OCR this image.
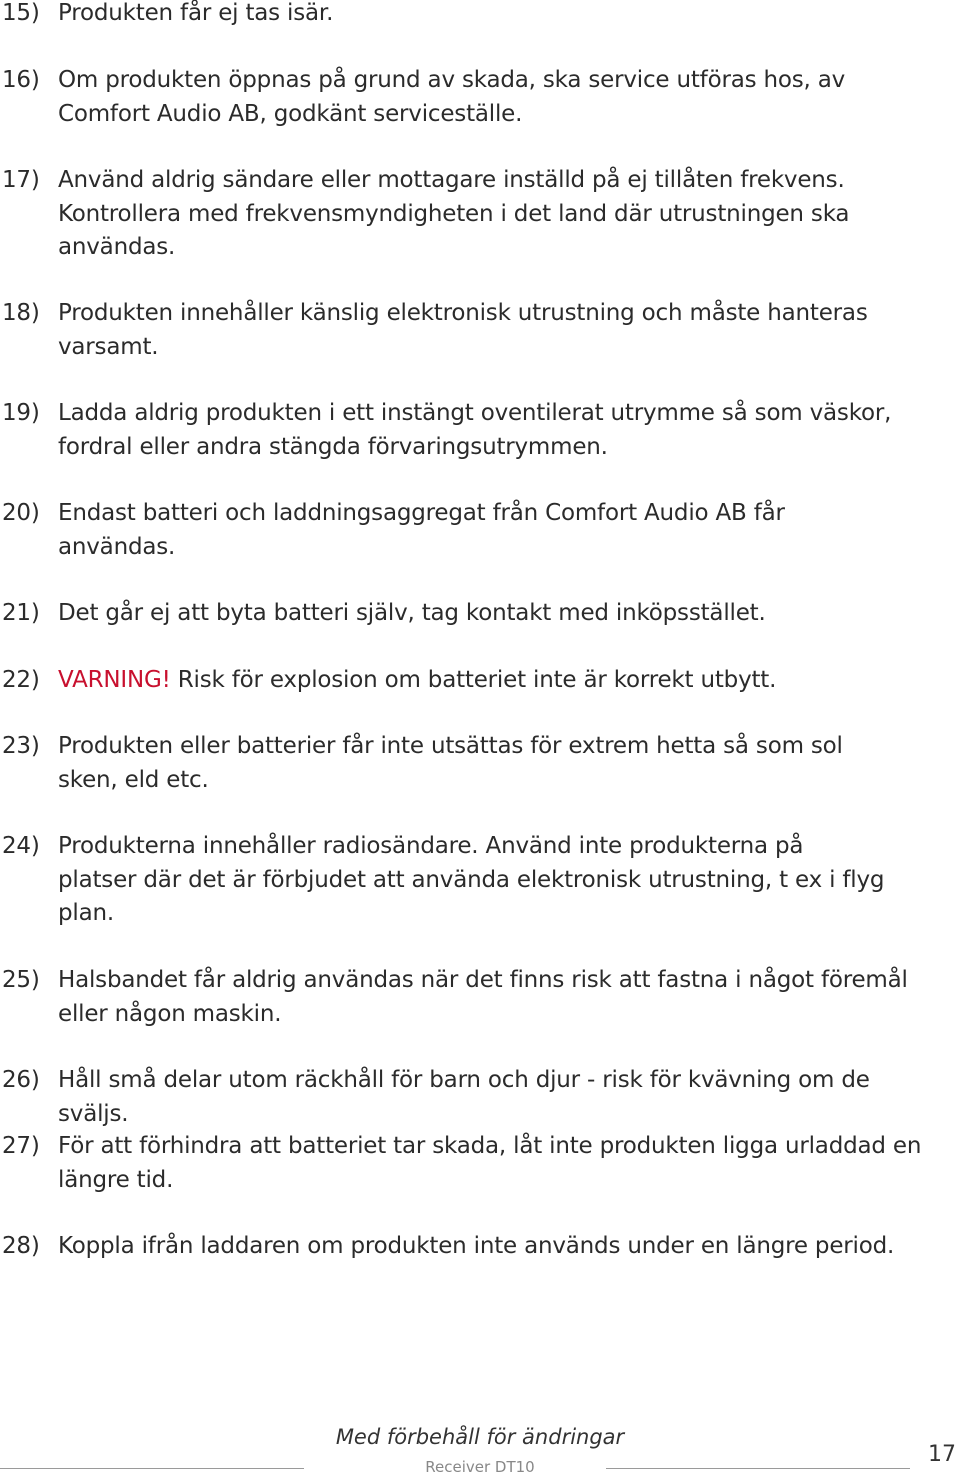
15) Produkten får ej tas isär.
16) Om produkten öppnas på grund av skada, ska service utföras hos, av
Comfort Audio AB, godkänt serviceställe.
17) Använd aldrig sändare eller mottagare inställd på ej tillåten frekvens.
Kontrollera med frekvensmyndigheten i det land där utrustningen ska
användas.
18) Produkten innehåller känslig elektronisk utrustning och måste hanteras
varsamt.
19) Ladda aldrig produkten i ett instängt oventilerat utrymme så som väskor,
fordral eller andra stängda förvaringsutrymmen.
20) Endast batteri och laddningsaggregat från Comfort Audio AB får
användas.
21) Det går ej att byta batteri själv, tag kontakt med inköpsstället.
22) VARNING! Risk för explosion om batteriet inte är korrekt utbytt.
23) Produkten eller batterier får inte utsättas för extrem hetta så som sol
sken, eld etc.
24) Produkterna innehåller radiosändare. Använd inte produkterna på
platser där det är förbjudet att använda elektronisk utrustning, t ex i flyg
plan.
25) Halsbandet får aldrig användas när det finns risk att fastna i något föremål
eller någon maskin.
26) Håll små delar utom räckhåll för barn och djur - risk för kvävning om de
sväljs.
27) För att förhindra att batteriet tar skada, låt inte produkten ligga urladdad en
längre tid.
28) Koppla ifrån laddaren om produkten inte används under en längre period.
Med förbehåll för ändringar
Receiver DT10	17
